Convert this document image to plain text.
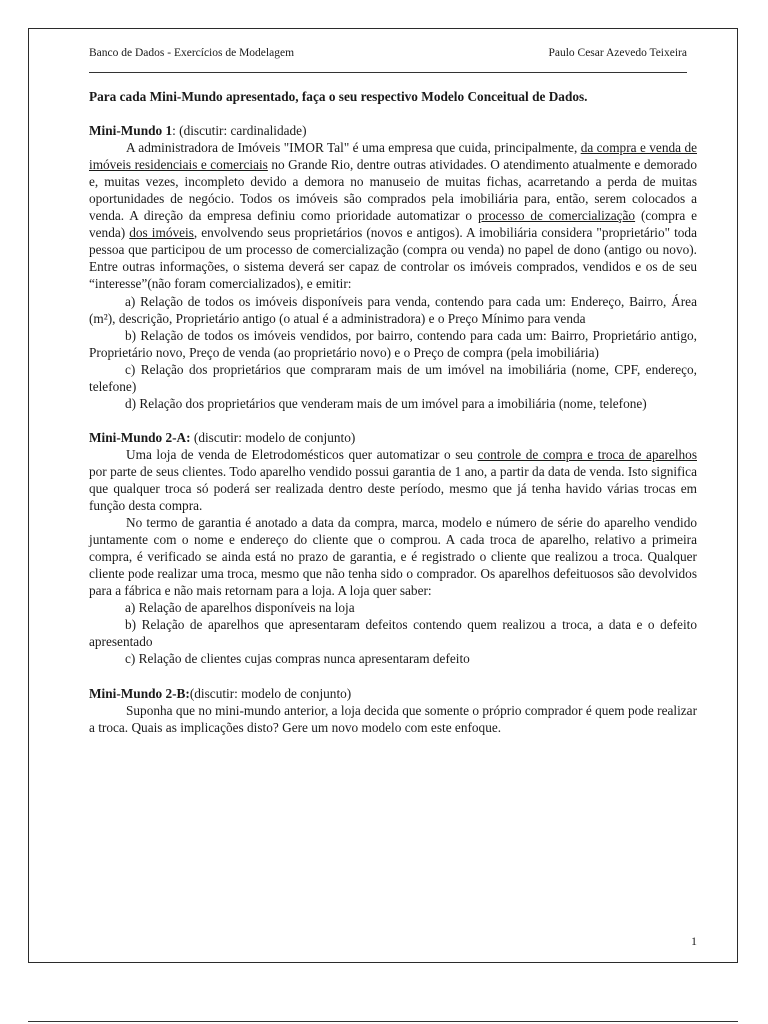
Banco de Dados - Exercícios de Modelagem	Paulo Cesar Azevedo Teixeira

Para cada Mini-Mundo apresentado, faça o seu respectivo Modelo Conceitual de Dados.

Mini-Mundo 1: (discutir: cardinalidade)

A administradora de Imóveis "IMOR Tal" é uma empresa que cuida, principalmente, da compra e venda de imóveis residenciais e comerciais no Grande Rio, dentre outras atividades. O atendimento atualmente e demorado e, muitas vezes, incompleto devido a demora no manuseio de muitas fichas, acarretando a perda de muitas oportunidades de negócio. Todos os imóveis são comprados pela imobiliária para, então, serem colocados a venda. A direção da empresa definiu como prioridade automatizar o processo de comercialização (compra e venda) dos imóveis, envolvendo seus proprietários (novos e antigos). A imobiliária considera "proprietário" toda pessoa que participou de um processo de comercialização (compra ou venda) no papel de dono (antigo ou novo). Entre outras informações, o sistema deverá ser capaz de controlar os imóveis comprados, vendidos e os de seu “interesse”(não foram comercializados), e emitir:

a) Relação de todos os imóveis disponíveis para venda, contendo para cada um: Endereço, Bairro, Área (m²), descrição, Proprietário antigo (o atual é a administradora) e o Preço Mínimo para venda

b) Relação de todos os imóveis vendidos, por bairro, contendo para cada um: Bairro, Proprietário antigo, Proprietário novo, Preço de venda (ao proprietário novo) e o Preço de compra (pela imobiliária)

c) Relação dos proprietários que compraram mais de um imóvel na imobiliária (nome, CPF, endereço, telefone)

d) Relação dos proprietários que venderam mais de um imóvel para a imobiliária (nome, telefone)

Mini-Mundo 2-A: (discutir: modelo de conjunto)

Uma loja de venda de Eletrodomésticos quer automatizar o seu controle de compra e troca de aparelhos por parte de seus clientes. Todo aparelho vendido possui garantia de 1 ano, a partir da data de venda. Isto significa que qualquer troca só poderá ser realizada dentro deste período, mesmo que já tenha havido várias trocas em função desta compra.

No termo de garantia é anotado a data da compra, marca, modelo e número de série do aparelho vendido juntamente com o nome e endereço do cliente que o comprou. A cada troca de aparelho, relativo a primeira compra, é verificado se ainda está no prazo de garantia, e é registrado o cliente que realizou a troca. Qualquer cliente pode realizar uma troca, mesmo que não tenha sido o comprador. Os aparelhos defeituosos são devolvidos para a fábrica e não mais retornam para a loja. A loja quer saber:

a) Relação de aparelhos disponíveis na loja

b) Relação de aparelhos que apresentaram defeitos contendo quem realizou a troca, a data e o defeito apresentado

c) Relação de clientes cujas compras nunca apresentaram defeito

Mini-Mundo 2-B:(discutir: modelo de conjunto)

Suponha que no mini-mundo anterior, a loja decida que somente o próprio comprador é quem pode realizar a troca. Quais as implicações disto? Gere um novo modelo com este enfoque.

1
